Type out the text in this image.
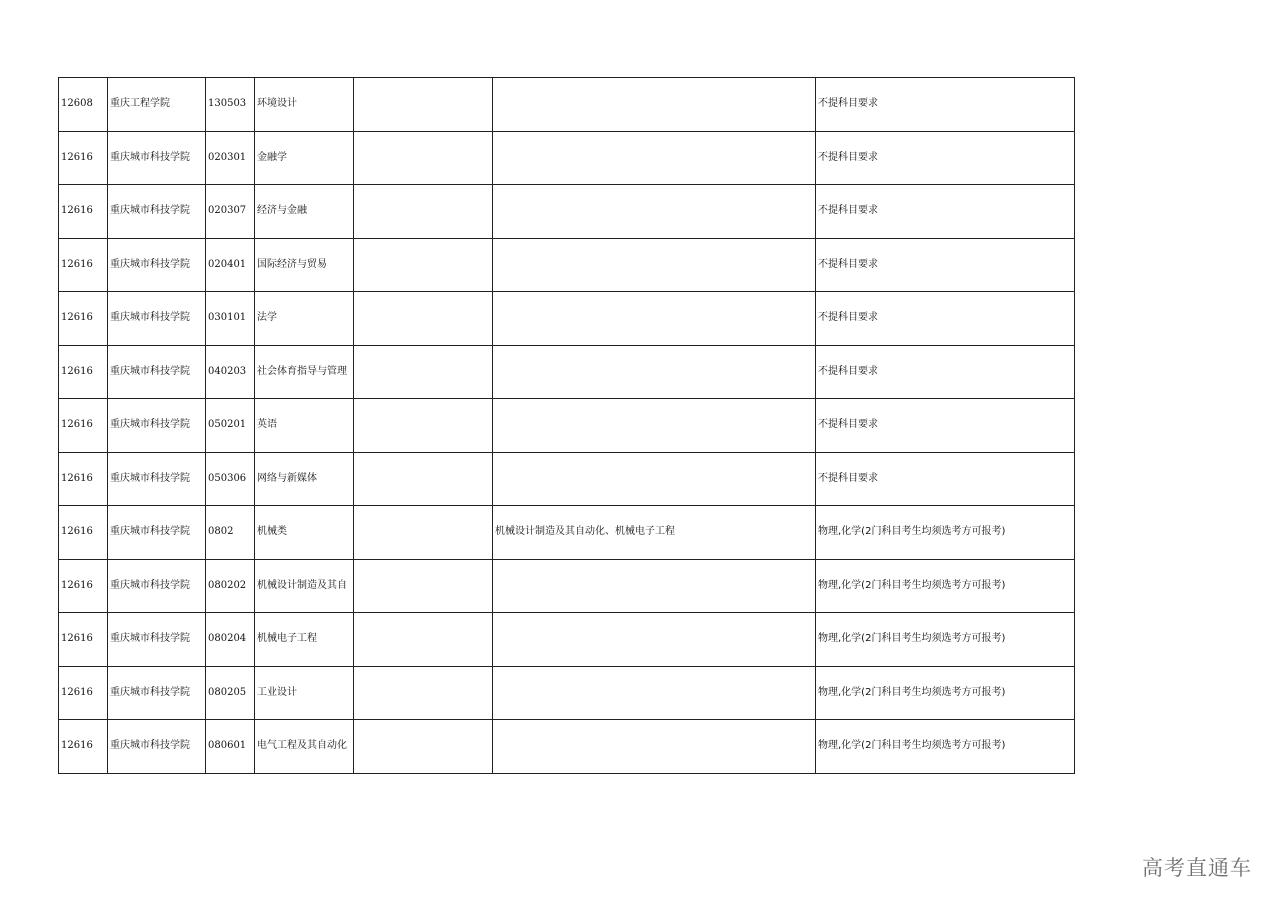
12608	重庆工程学院	130503	环境设计			不提科目要求
12616	重庆城市科技学院	020301	金融学			不提科目要求
12616	重庆城市科技学院	020307	经济与金融			不提科目要求
12616	重庆城市科技学院	020401	国际经济与贸易			不提科目要求
12616	重庆城市科技学院	030101	法学			不提科目要求
12616	重庆城市科技学院	040203	社会体育指导与管理			不提科目要求
12616	重庆城市科技学院	050201	英语			不提科目要求
12616	重庆城市科技学院	050306	网络与新媒体			不提科目要求
12616	重庆城市科技学院	0802	机械类		机械设计制造及其自动化、机械电子工程	物理,化学(2门科目考生均须选考方可报考)
12616	重庆城市科技学院	080202	机械设计制造及其自			物理,化学(2门科目考生均须选考方可报考)
12616	重庆城市科技学院	080204	机械电子工程			物理,化学(2门科目考生均须选考方可报考)
12616	重庆城市科技学院	080205	工业设计			物理,化学(2门科目考生均须选考方可报考)
12616	重庆城市科技学院	080601	电气工程及其自动化			物理,化学(2门科目考生均须选考方可报考)
高考直通车
